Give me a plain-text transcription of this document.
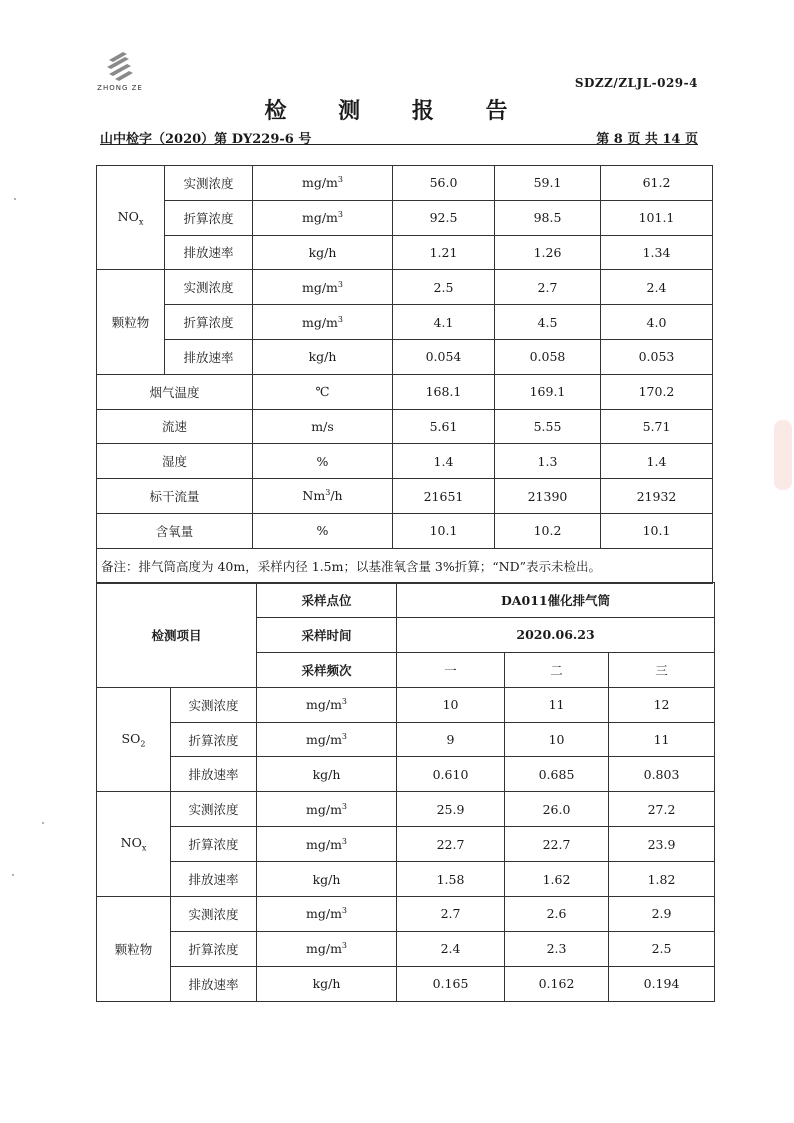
ZHONG ZE	SDZZ/ZLJL-029-4
检 测 报 告
山中检字（2020）第 DY229-6 号	第 8 页 共 14 页
$NO_x$	实测浓度	$mg/m^3$	56.0	59.1	61.2
	折算浓度	$mg/m^3$	92.5	98.5	101.1
	排放速率	kg/h	1.21	1.26	1.34
颗粒物	实测浓度	$mg/m^3$	2.5	2.7	2.4
	折算浓度	$mg/m^3$	4.1	4.5	4.0
	排放速率	kg/h	0.054	0.058	0.053
烟气温度		℃	168.1	169.1	170.2
流速		m/s	5.61	5.55	5.71
湿度		%	1.4	1.3	1.4
标干流量		Nm$^3$/h	21651	21390	21932
含氧量		%	10.1	10.2	10.1
备注：排气筒高度为 40m，采样内径 1.5m；以基准氧含量 3%折算；“ND”表示未检出。					
检测项目		采样点位	DA011催化排气筒		
		采样时间	2020.06.23		
		采样频次	一	二	三
$SO_2$	实测浓度	$mg/m^3$	10	11	12
	折算浓度	$mg/m^3$	9	10	11
	排放速率	kg/h	0.610	0.685	0.803
$NO_x$	实测浓度	$mg/m^3$	25.9	26.0	27.2
	折算浓度	$mg/m^3$	22.7	22.7	23.9
	排放速率	kg/h	1.58	1.62	1.82
颗粒物	实测浓度	$mg/m^3$	2.7	2.6	2.9
	折算浓度	$mg/m^3$	2.4	2.3	2.5
	排放速率	kg/h	0.165	0.162	0.194
